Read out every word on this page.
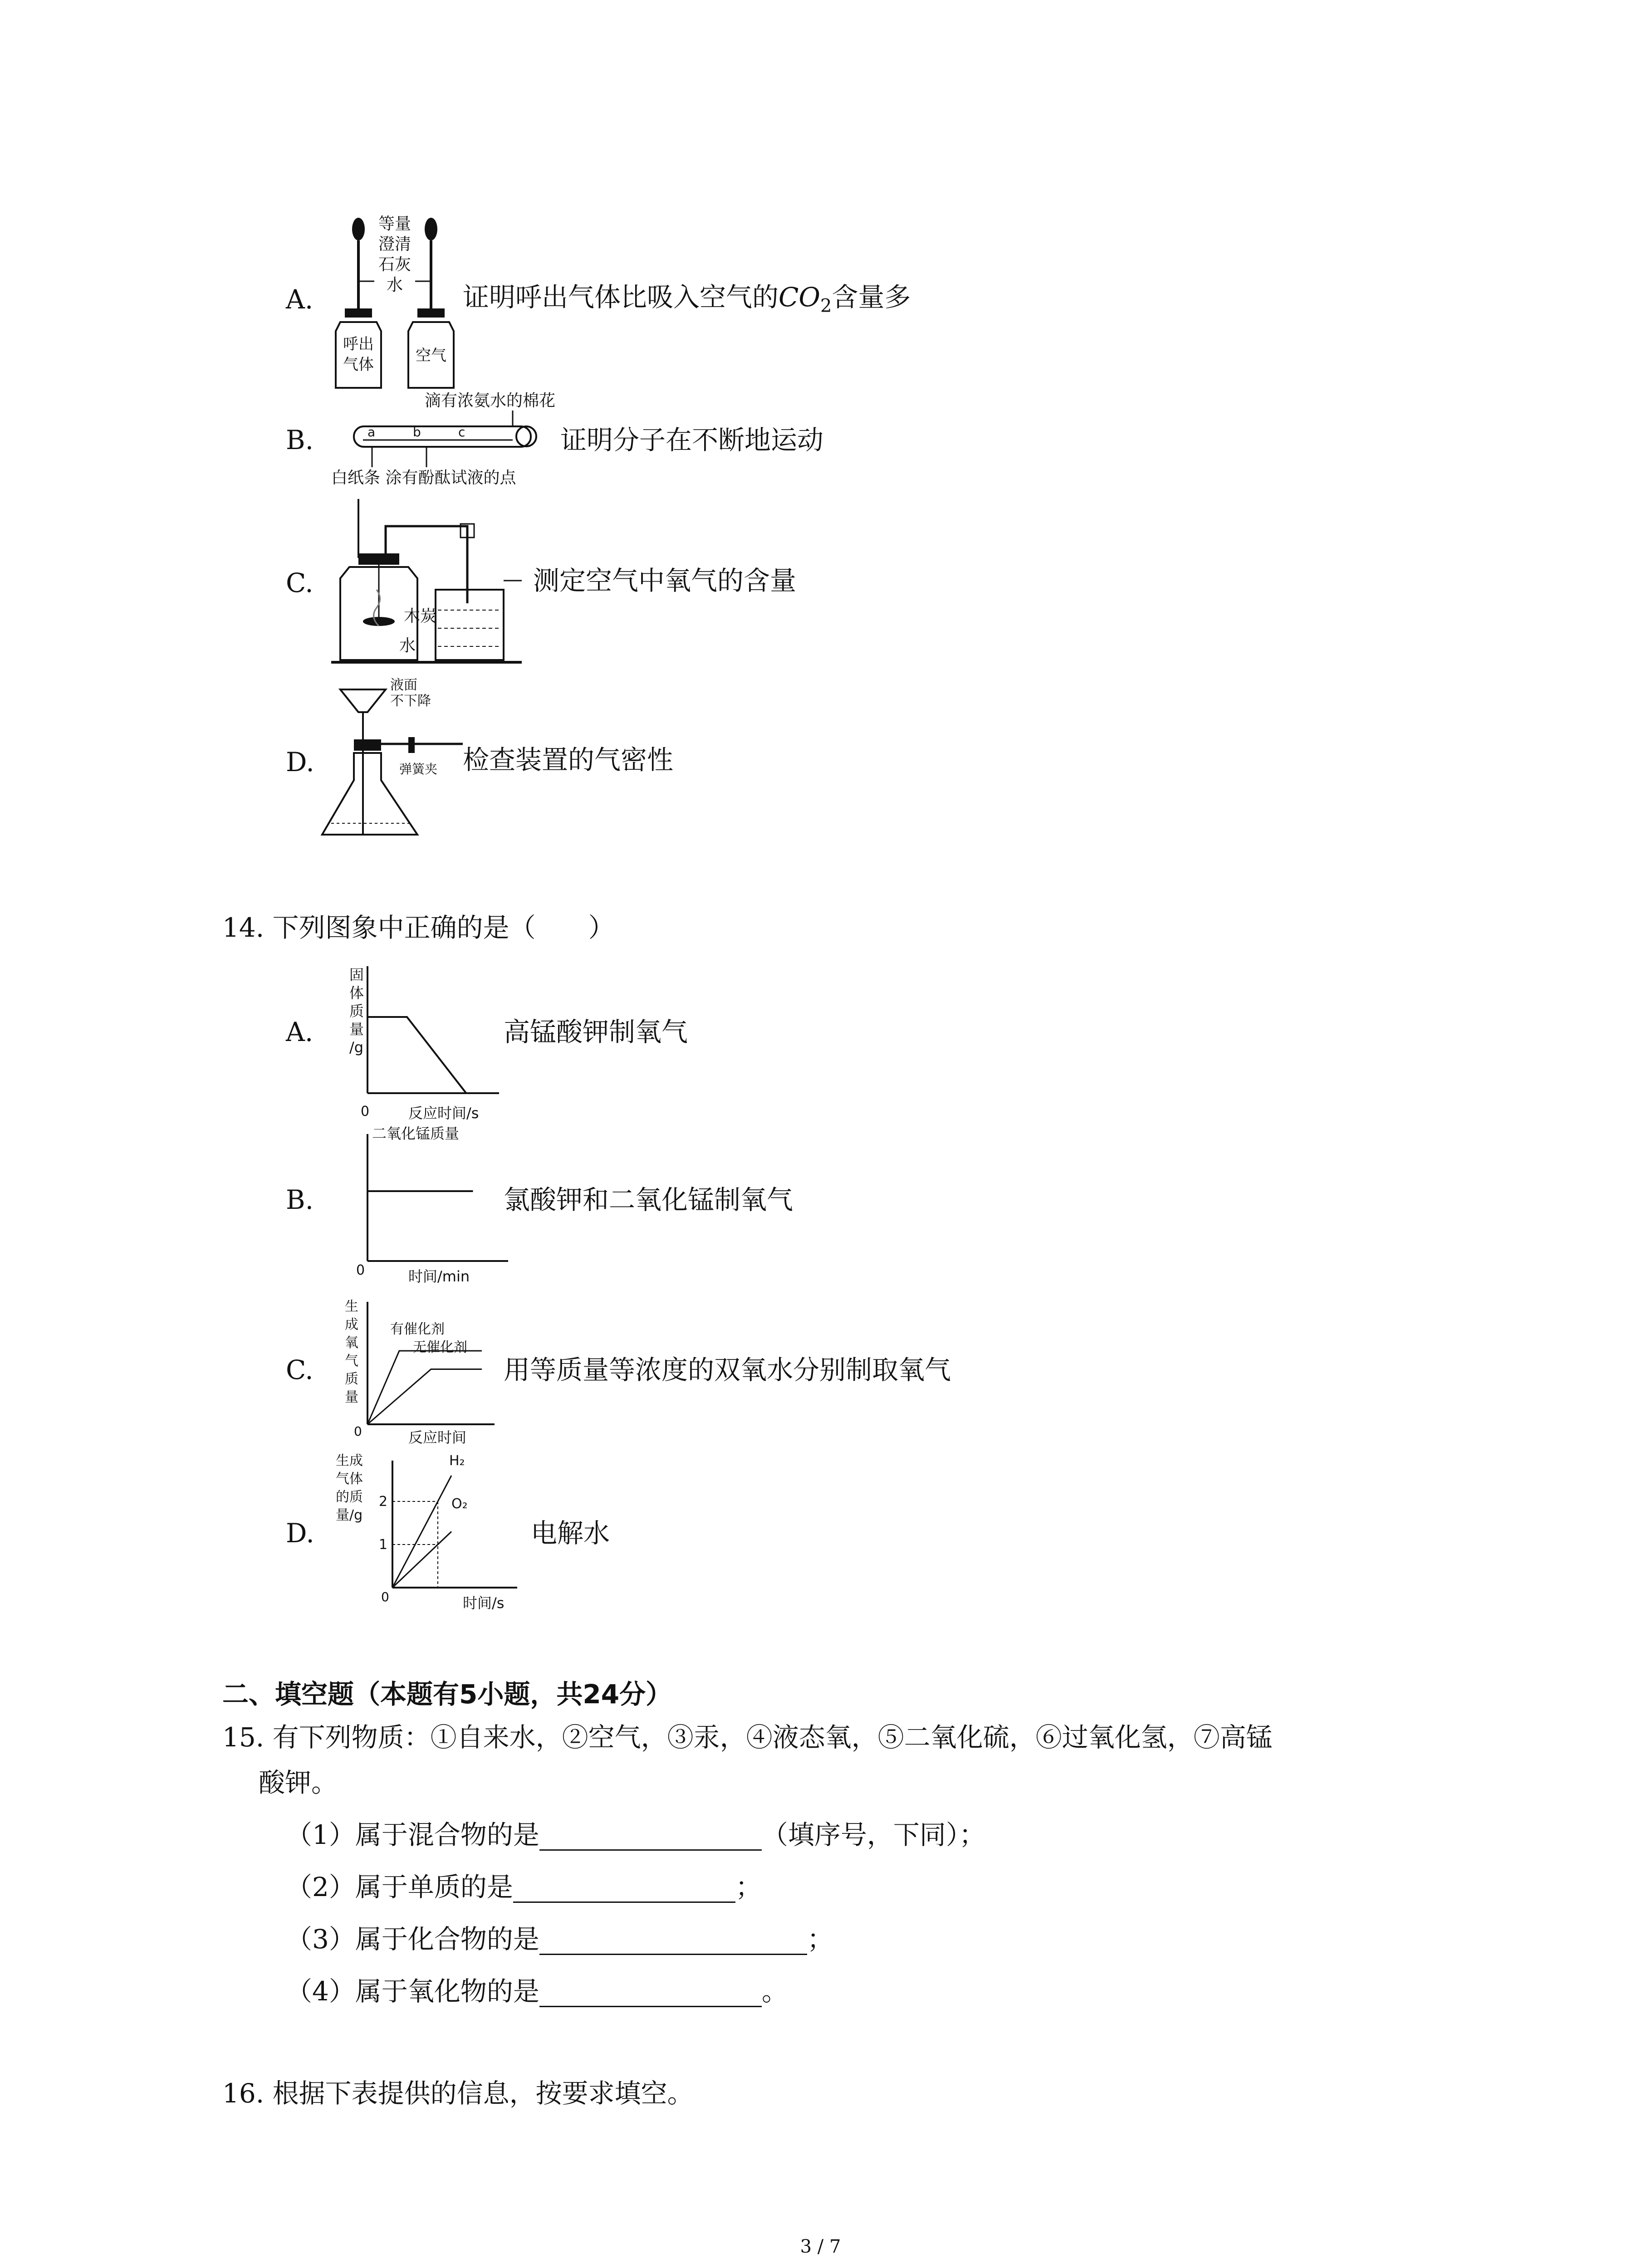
A.
等量
澄清
石灰
水
呼出
气体	空气
证明呼出气体比吸入空气的$CO_2$含量多
B.
滴有浓氨水的棉花
a	b	c
白纸条 涂有酚酞试液的点
证明分子在不断地运动
C.
木炭
水
测定空气中氧气的含量
D.
液面
不下降
弹簧夹 检查装置的气密性
14. 下列图象中正确的是（　　）
A.	高锰酸钾制氧气
B.	氯酸钾和二氧化锰制氧气
C.	用等质量等浓度的双氧水分别制取氧气
D.	电解水
固
体
质
量
/g
0	反应时间/s
二氧化锰质量
0	时间/min
生
成
氧
气
质
量
0	反应时间
有催化剂
无催化剂
生成
气体
的质
量/g
0	时间/s
1
2
H₂
O₂
二、填空题（本题有5小题，共24分）
15. 有下列物质：①自来水，②空气，③汞，④液态氧，⑤二氧化硫，⑥过氧化氢，⑦高锰
酸钾。
（1）属于混合物的是	（填序号，下同）；
（2）属于单质的是	；
（3）属于化合物的是	；
（4）属于氧化物的是	。
16. 根据下表提供的信息，按要求填空。
3 / 7
